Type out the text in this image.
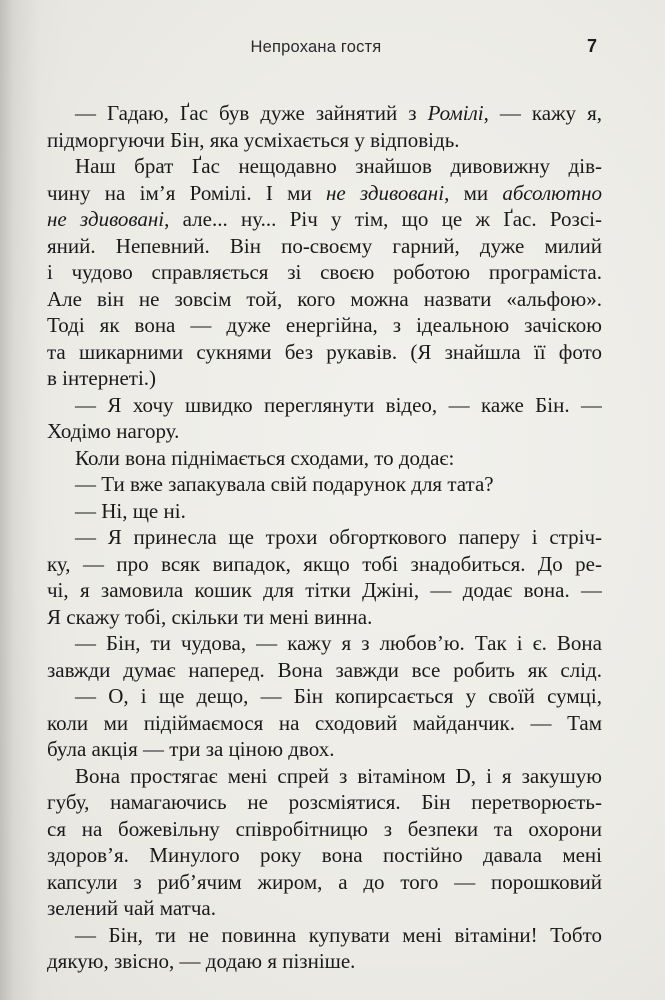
Непрохана гостя	7
— Гадаю, Ґас був дуже зайнятий з Ромілі, — кажу я,
підморгуючи Бін, яка усміхається у відповідь.
Наш брат Ґас нещодавно знайшов дивовижну дів-
чину на ім’я Ромілі. І ми не здивовані, ми абсолютно
не здивовані, але... ну... Річ у тім, що це ж Ґас. Розсі-
яний. Непевний. Він по-своєму гарний, дуже милий
і чудово справляється зі своєю роботою програміста.
Але він не зовсім той, кого можна назвати «альфою».
Тоді як вона — дуже енергійна, з ідеальною зачіскою
та шикарними сукнями без рукавів. (Я знайшла її фото
в інтернеті.)
— Я хочу швидко переглянути відео, — каже Бін. —
Ходімо нагору.
Коли вона піднімається сходами, то додає:
— Ти вже запакувала свій подарунок для тата?
— Ні, ще ні.
— Я принесла ще трохи обгорткового паперу і стріч-
ку, — про всяк випадок, якщо тобі знадобиться. До ре-
чі, я замовила кошик для тітки Джіні, — додає вона. —
Я скажу тобі, скільки ти мені винна.
— Бін, ти чудова, — кажу я з любов’ю. Так і є. Вона
завжди думає наперед. Вона завжди все робить як слід.
— О, і ще дещо, — Бін копирсається у своїй сумці,
коли ми підіймаємося на сходовий майданчик. — Там
була акція — три за ціною двох.
Вона простягає мені спрей з вітаміном D, і я закушую
губу, намагаючись не розсміятися. Бін перетворюєть-
ся на божевільну співробітницю з безпеки та охорони
здоров’я. Минулого року вона постійно давала мені
капсули з риб’ячим жиром, а до того — порошковий
зелений чай матча.
— Бін, ти не повинна купувати мені вітаміни! Тобто
дякую, звісно, — додаю я пізніше.
